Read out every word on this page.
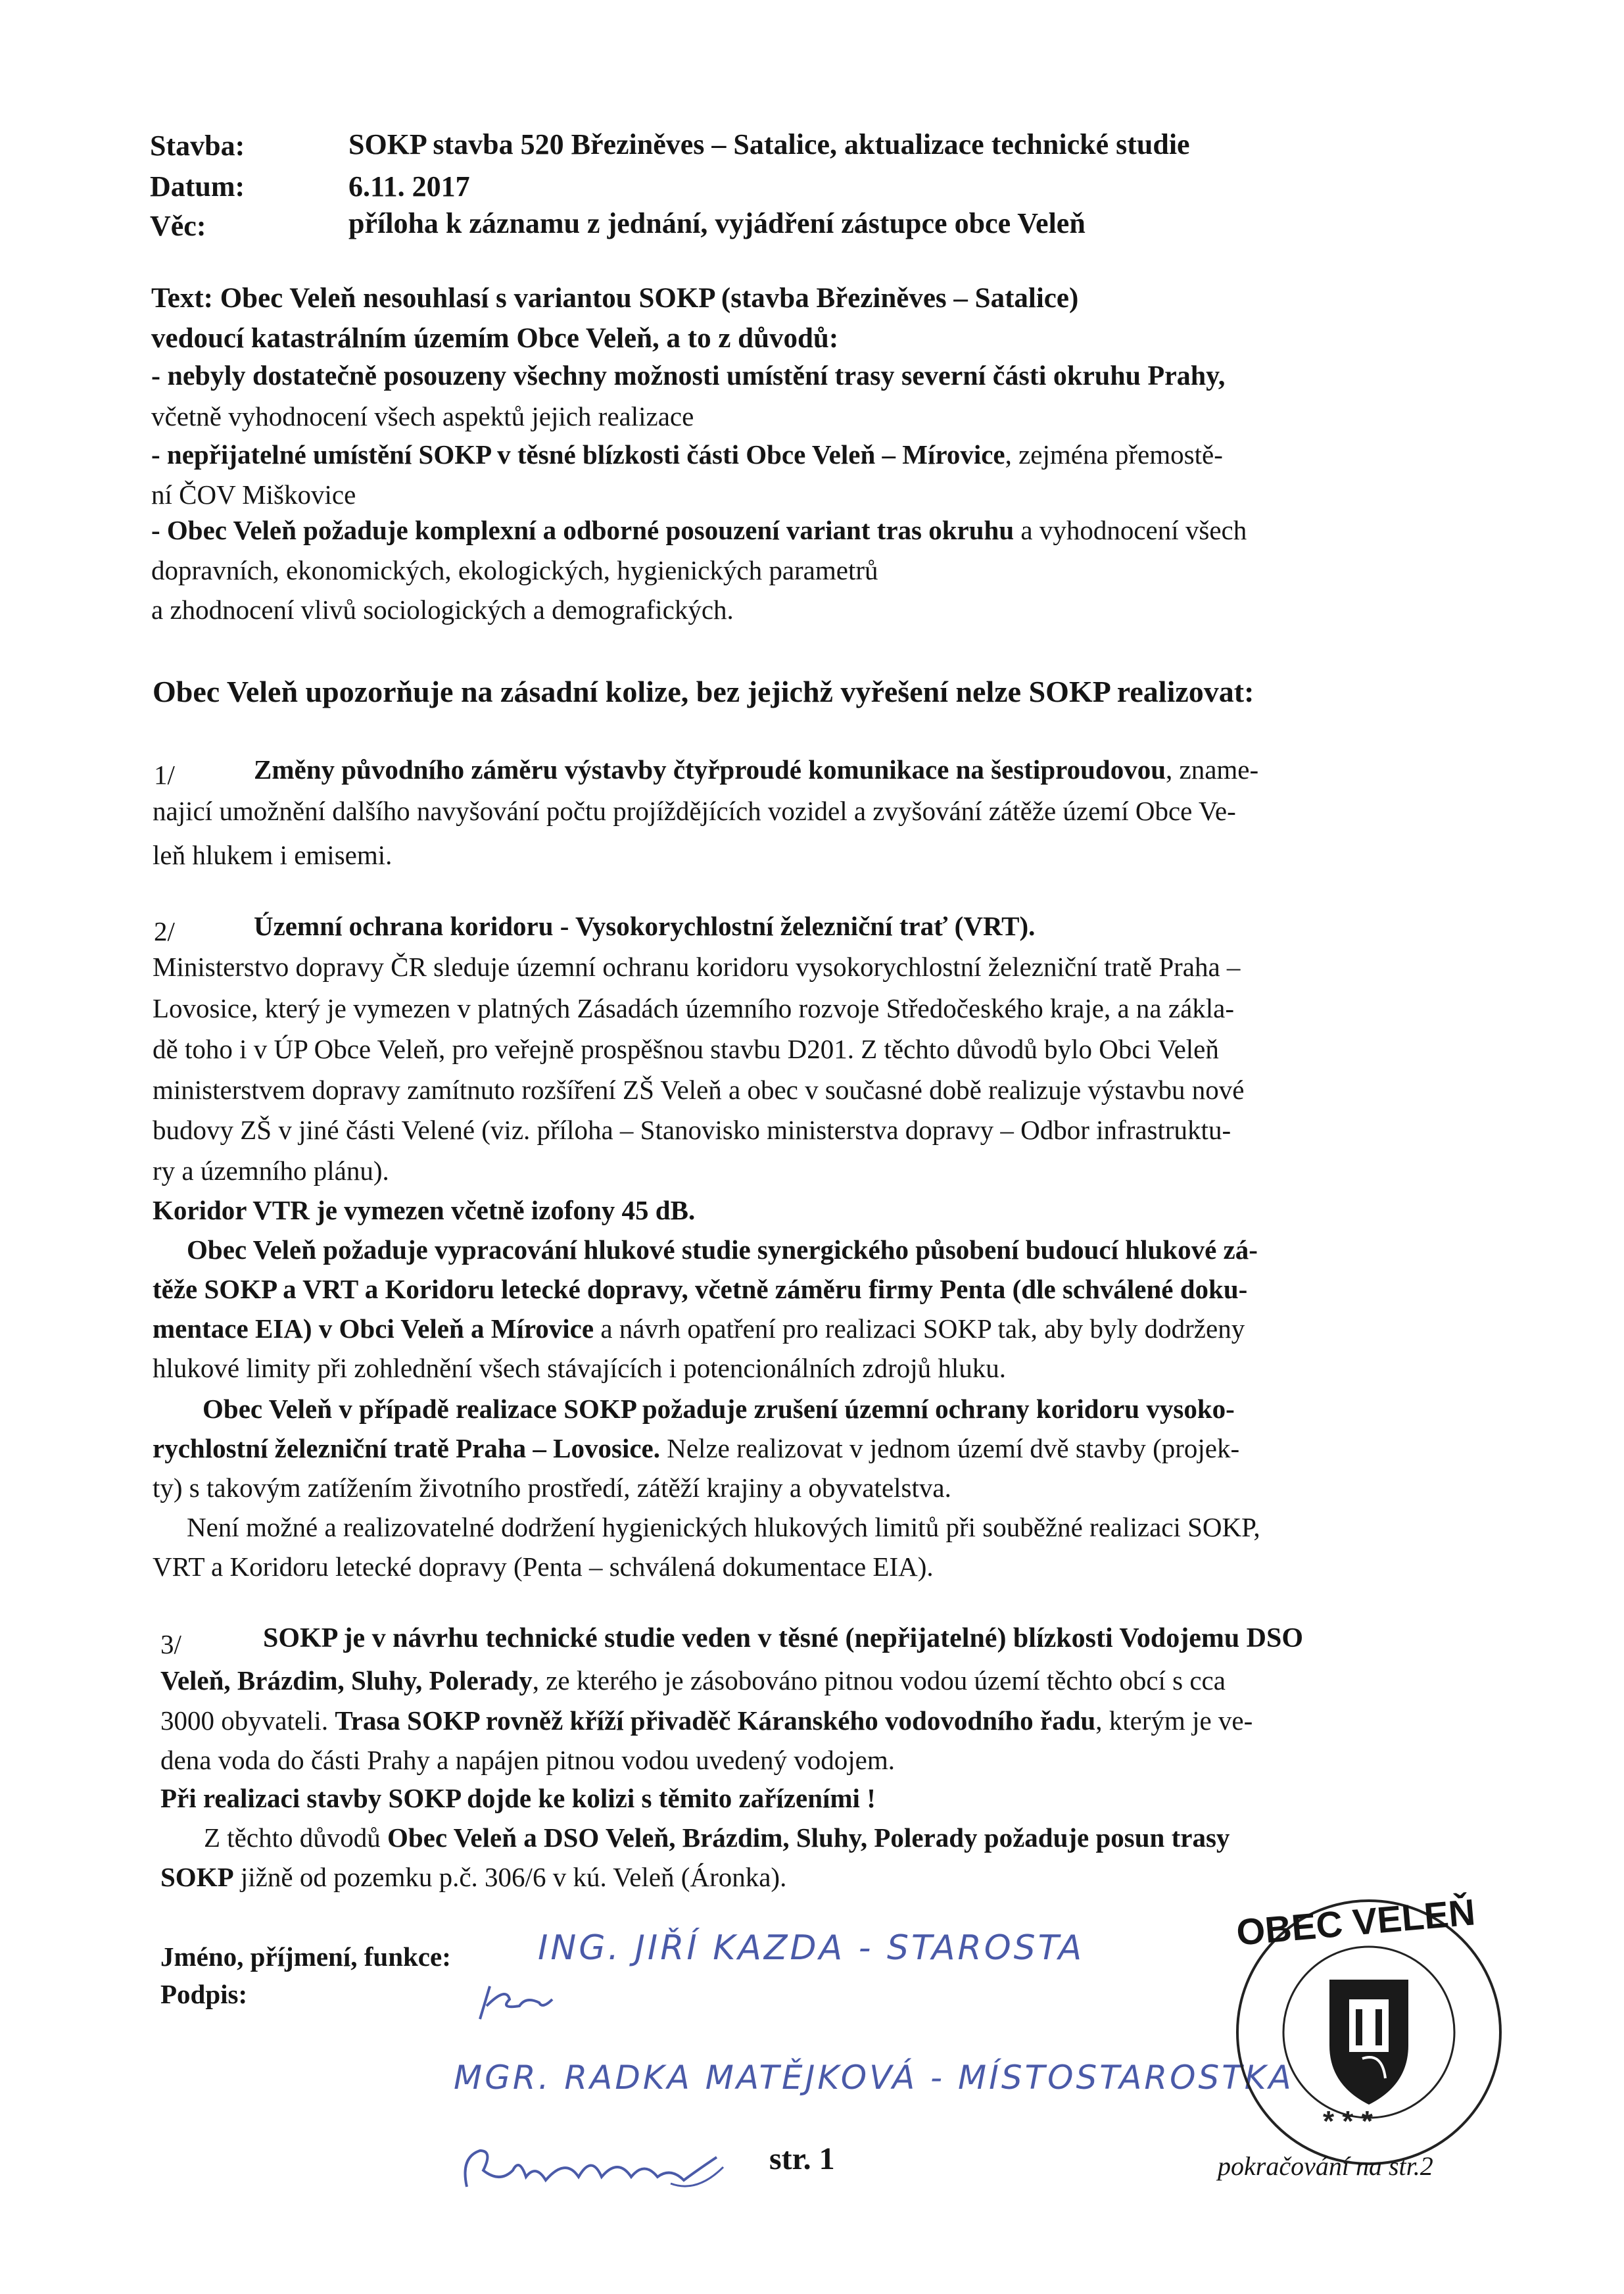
Stavba:	SOKP stavba 520 Březiněves – Satalice, aktualizace technické studie
Datum:	6.11. 2017
Věc:	příloha k záznamu z jednání, vyjádření zástupce obce Veleň
Text: Obec Veleň nesouhlasí s variantou SOKP (stavba Březiněves – Satalice)
vedoucí katastrálním územím Obce Veleň, a to z důvodů:
- nebyly dostatečně posouzeny všechny možnosti umístění trasy severní části okruhu Prahy,
včetně vyhodnocení všech aspektů jejich realizace
- nepřijatelné umístění SOKP v těsné blízkosti části Obce Veleň – Mírovice, zejména přemostě-
ní ČOV Miškovice
- Obec Veleň požaduje komplexní a odborné posouzení variant tras okruhu a vyhodnocení všech
dopravních, ekonomických, ekologických, hygienických parametrů
a zhodnocení vlivů sociologických a demografických.
Obec Veleň upozorňuje na zásadní kolize, bez jejichž vyřešení nelze SOKP realizovat:
1/	Změny původního záměru výstavby čtyřproudé komunikace na šestiproudovou, zname-
najicí umožnění dalšího navyšování počtu projíždějících vozidel a zvyšování zátěže území Obce Ve-
leň hlukem i emisemi.
2/	Územní ochrana koridoru - Vysokorychlostní železniční trať (VRT).
Ministerstvo dopravy ČR sleduje územní ochranu koridoru vysokorychlostní železniční tratě Praha –
Lovosice, který je vymezen v platných Zásadách územního rozvoje Středočeského kraje, a na zákla-
dě toho i v ÚP Obce Veleň, pro veřejně prospěšnou stavbu D201. Z těchto důvodů bylo Obci Veleň
ministerstvem dopravy zamítnuto rozšíření ZŠ Veleň a obec v současné době realizuje výstavbu nové
budovy ZŠ v jiné části Velené (viz. příloha – Stanovisko ministerstva dopravy – Odbor infrastruktu-
ry a územního plánu).
Koridor VTR je vymezen včetně izofony 45 dB.
Obec Veleň požaduje vypracování hlukové studie synergického působení budoucí hlukové zá-
těže SOKP a VRT a Koridoru letecké dopravy, včetně záměru firmy Penta (dle schválené doku-
mentace EIA) v Obci Veleň a Mírovice a návrh opatření pro realizaci SOKP tak, aby byly dodrženy
hlukové limity při zohlednění všech stávajících i potencionálních zdrojů hluku.
Obec Veleň v případě realizace SOKP požaduje zrušení územní ochrany koridoru vysoko-
rychlostní železniční tratě Praha – Lovosice. Nelze realizovat v jednom území dvě stavby (projek-
ty) s takovým zatížením životního prostředí, zátěží krajiny a obyvatelstva.
Není možné a realizovatelné dodržení hygienických hlukových limitů při souběžné realizaci SOKP,
VRT a Koridoru letecké dopravy (Penta – schválená dokumentace EIA).
3/	SOKP je v návrhu technické studie veden v těsné (nepřijatelné) blízkosti Vodojemu DSO
Veleň, Brázdim, Sluhy, Polerady, ze kterého je zásobováno pitnou vodou území těchto obcí s cca
3000 obyvateli. Trasa SOKP rovněž kříží přivaděč Káranského vodovodního řadu, kterým je ve-
dena voda do části Prahy a napájen pitnou vodou uvedený vodojem.
Při realizaci stavby SOKP dojde ke kolizi s těmito zařízeními !
Z těchto důvodů Obec Veleň a DSO Veleň, Brázdim, Sluhy, Polerady požaduje posun trasy
SOKP jižně od pozemku p.č. 306/6 v kú. Veleň (Áronka).
Jméno, příjmení, funkce:
Podpis:
ING. JIŘÍ KAZDA - STAROSTA
MGR. RADKA MATĚJKOVÁ - MÍSTOSTAROSTKA
* * *
OBEC VELEŇ
str. 1	pokračování na str.2
